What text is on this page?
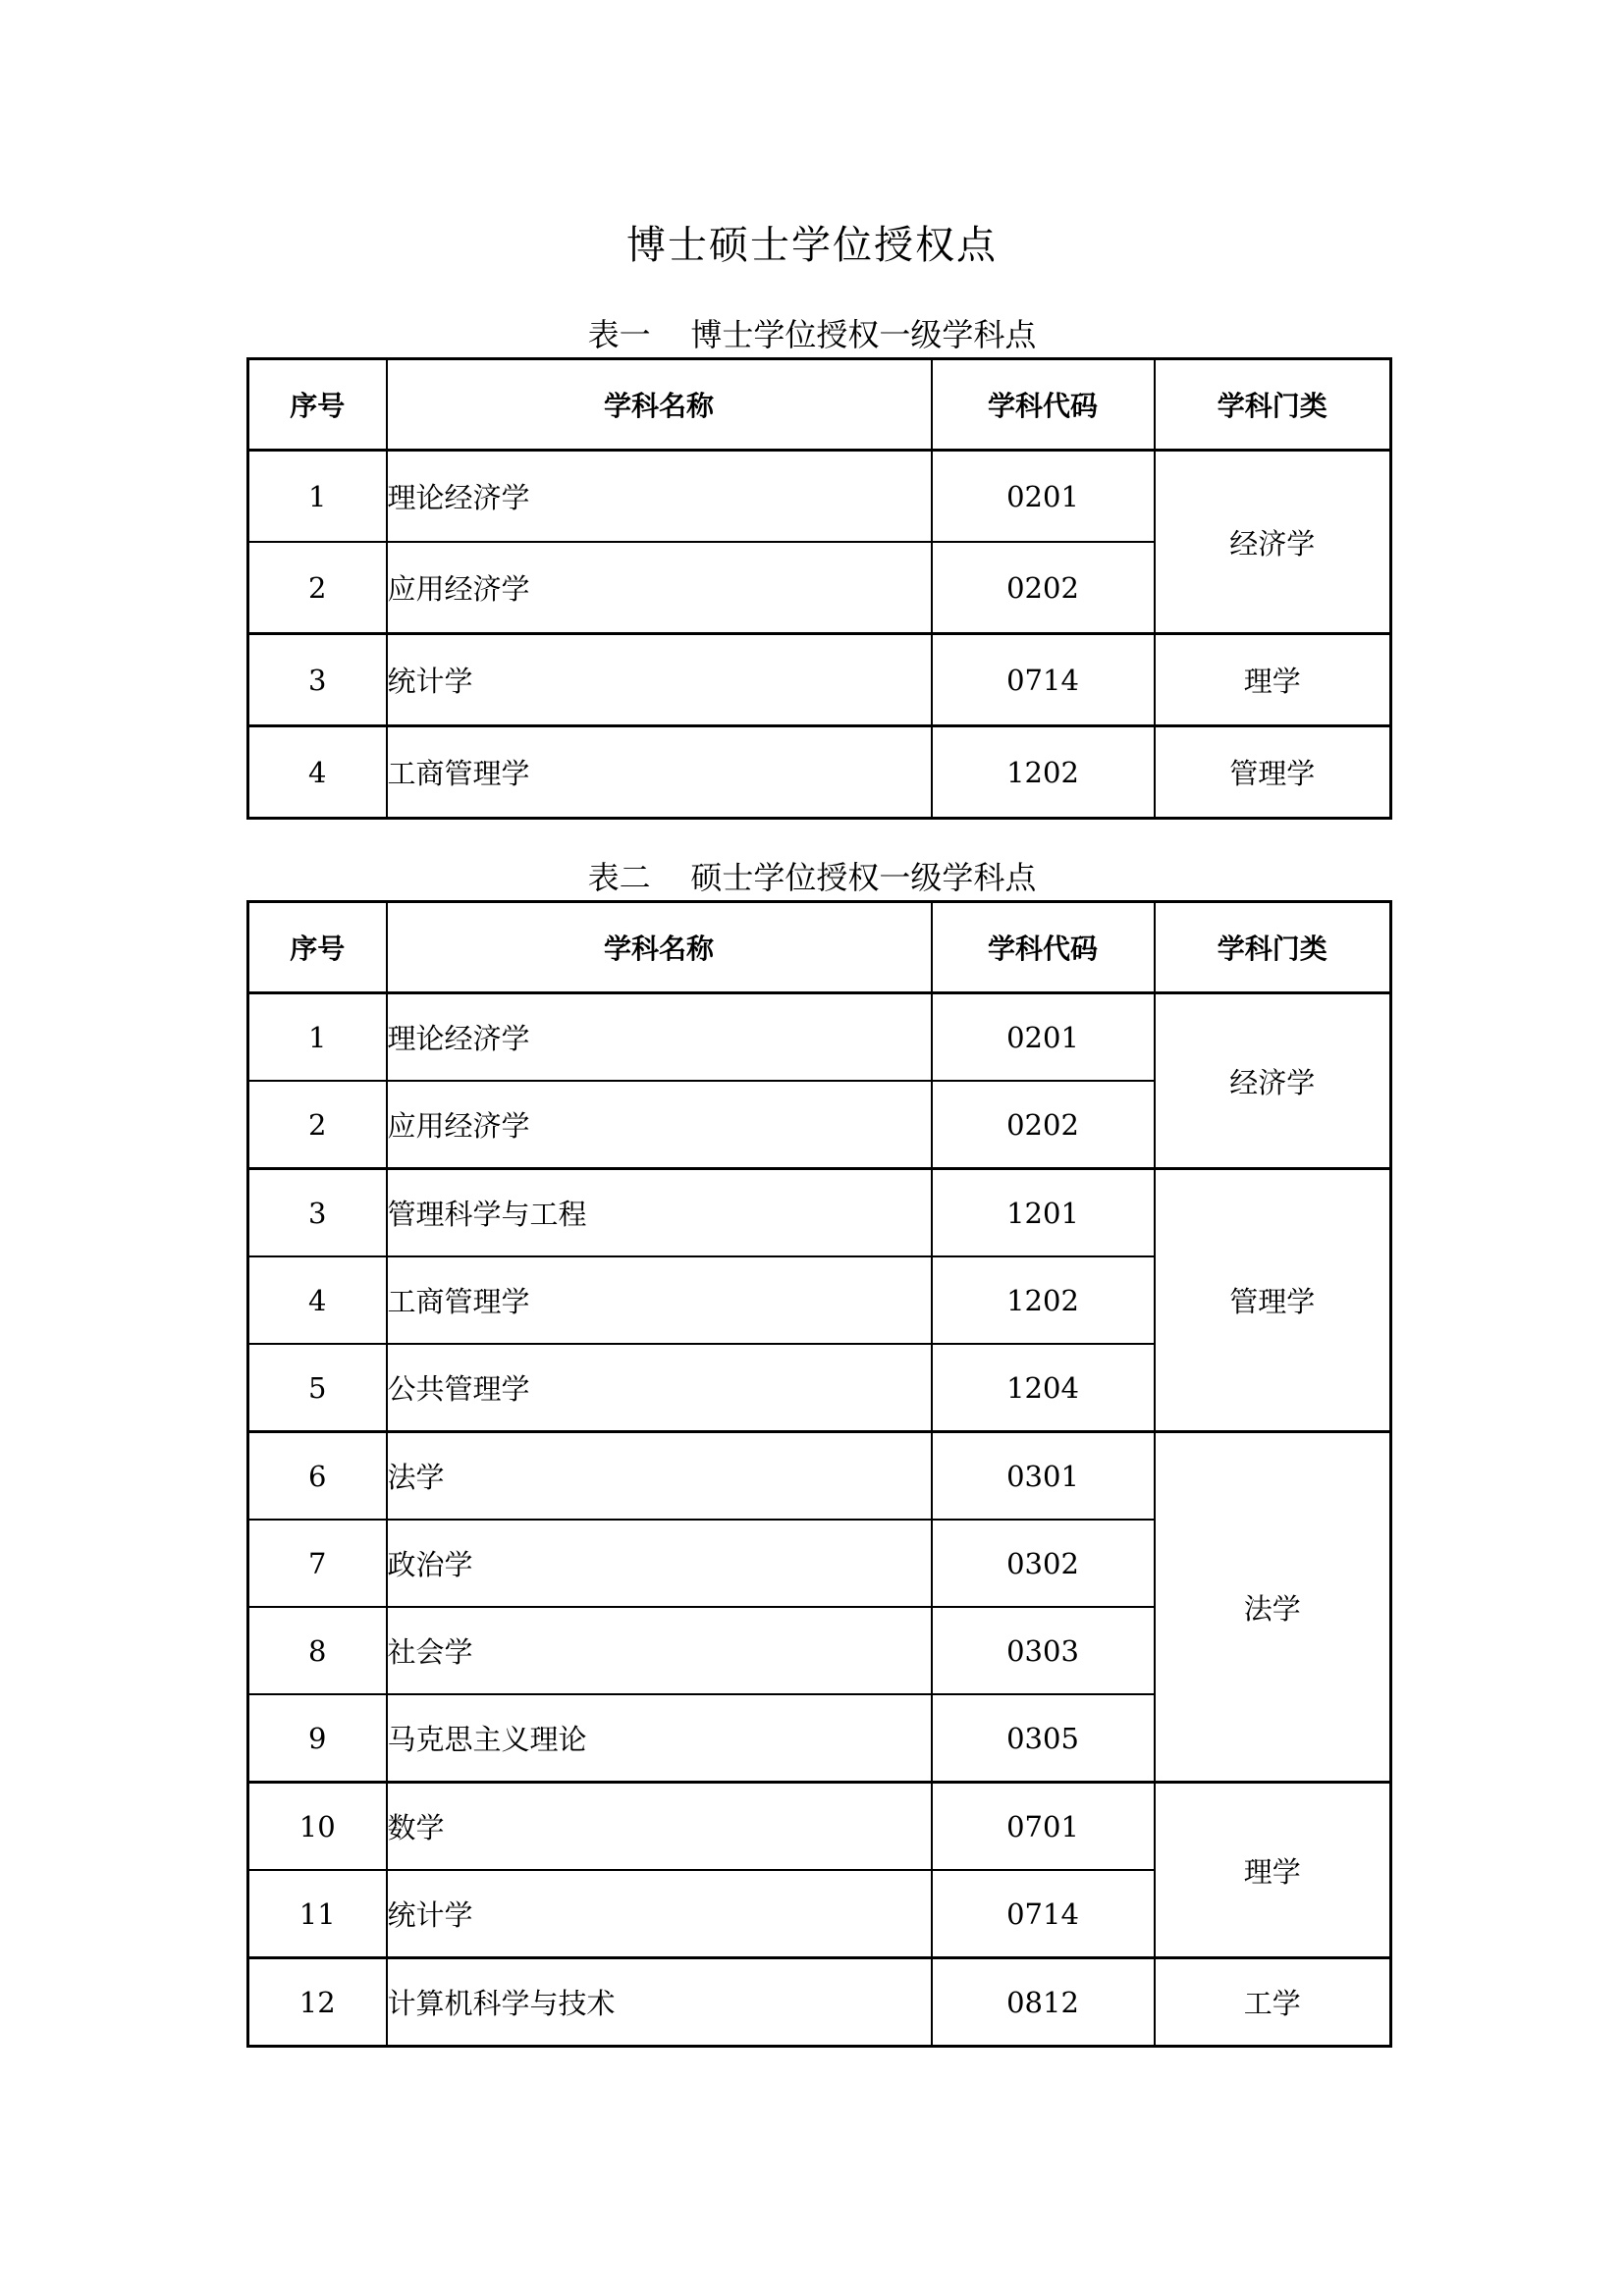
博士硕士学位授权点
表一    博士学位授权一级学科点
序号	学科名称	学科代码	学科门类
1	理论经济学	0201	经济学
2	应用经济学	0202	
3	统计学	0714	理学
4	工商管理学	1202	管理学
表二    硕士学位授权一级学科点
序号	学科名称	学科代码	学科门类
1	理论经济学	0201	经济学
2	应用经济学	0202	
3	管理科学与工程	1201	管理学
4	工商管理学	1202	
5	公共管理学	1204	
6	法学	0301	法学
7	政治学	0302	
8	社会学	0303	
9	马克思主义理论	0305	
10	数学	0701	理学
11	统计学	0714	
12	计算机科学与技术	0812	工学
